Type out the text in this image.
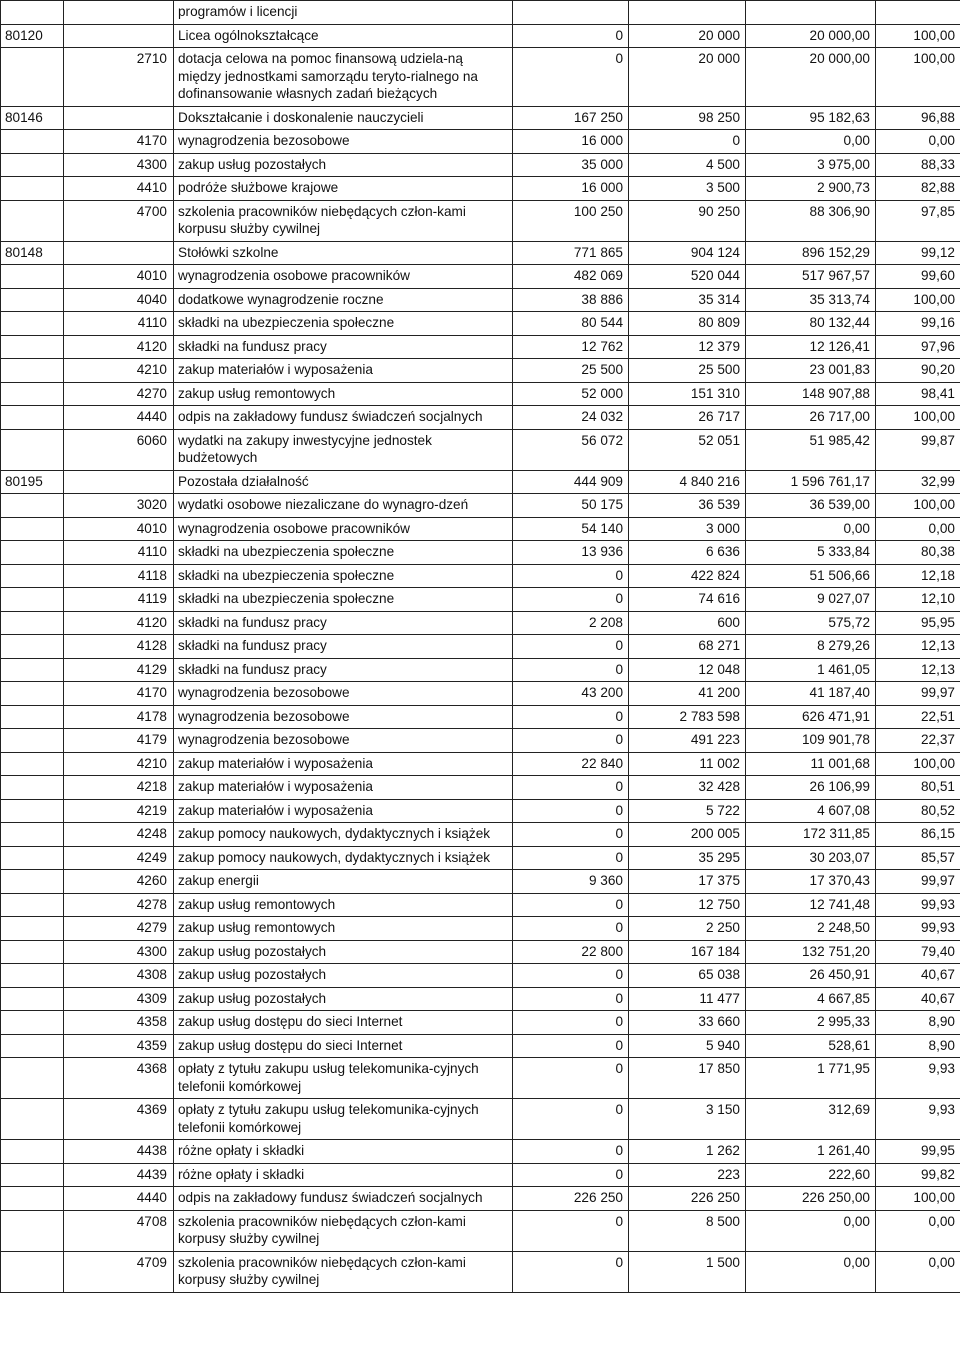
		programów i licencji				
80120		Licea ogólnokształcące	0	20 000	20 000,00	100,00
	2710	dotacja celowa na pomoc finansową udziela-ną między jednostkami samorządu teryto-rialnego na dofinansowanie własnych zadań bieżących	0	20 000	20 000,00	100,00
80146		Dokształcanie i doskonalenie nauczycieli	167 250	98 250	95 182,63	96,88
	4170	wynagrodzenia bezosobowe	16 000	0	0,00	0,00
	4300	zakup usług pozostałych	35 000	4 500	3 975,00	88,33
	4410	podróże służbowe krajowe	16 000	3 500	2 900,73	82,88
	4700	szkolenia pracowników niebędących człon-kami korpusu służby cywilnej	100 250	90 250	88 306,90	97,85
80148		Stołówki szkolne	771 865	904 124	896 152,29	99,12
	4010	wynagrodzenia osobowe pracowników	482 069	520 044	517 967,57	99,60
	4040	dodatkowe wynagrodzenie roczne	38 886	35 314	35 313,74	100,00
	4110	składki na ubezpieczenia społeczne	80 544	80 809	80 132,44	99,16
	4120	składki na fundusz pracy	12 762	12 379	12 126,41	97,96
	4210	zakup materiałów i wyposażenia	25 500	25 500	23 001,83	90,20
	4270	zakup usług remontowych	52 000	151 310	148 907,88	98,41
	4440	odpis na zakładowy fundusz świadczeń socjalnych	24 032	26 717	26 717,00	100,00
	6060	wydatki na zakupy inwestycyjne jednostek budżetowych	56 072	52 051	51 985,42	99,87
80195		Pozostała działalność	444 909	4 840 216	1 596 761,17	32,99
	3020	wydatki osobowe niezaliczane do wynagro-dzeń	50 175	36 539	36 539,00	100,00
	4010	wynagrodzenia osobowe pracowników	54 140	3 000	0,00	0,00
	4110	składki na ubezpieczenia społeczne	13 936	6 636	5 333,84	80,38
	4118	składki na ubezpieczenia społeczne	0	422 824	51 506,66	12,18
	4119	składki na ubezpieczenia społeczne	0	74 616	9 027,07	12,10
	4120	składki na fundusz pracy	2 208	600	575,72	95,95
	4128	składki na fundusz pracy	0	68 271	8 279,26	12,13
	4129	składki na fundusz pracy	0	12 048	1 461,05	12,13
	4170	wynagrodzenia bezosobowe	43 200	41 200	41 187,40	99,97
	4178	wynagrodzenia bezosobowe	0	2 783 598	626 471,91	22,51
	4179	wynagrodzenia bezosobowe	0	491 223	109 901,78	22,37
	4210	zakup materiałów i wyposażenia	22 840	11 002	11 001,68	100,00
	4218	zakup materiałów i wyposażenia	0	32 428	26 106,99	80,51
	4219	zakup materiałów i wyposażenia	0	5 722	4 607,08	80,52
	4248	zakup pomocy naukowych, dydaktycznych i książek	0	200 005	172 311,85	86,15
	4249	zakup pomocy naukowych, dydaktycznych i książek	0	35 295	30 203,07	85,57
	4260	zakup energii	9 360	17 375	17 370,43	99,97
	4278	zakup usług remontowych	0	12 750	12 741,48	99,93
	4279	zakup usług remontowych	0	2 250	2 248,50	99,93
	4300	zakup usług pozostałych	22 800	167 184	132 751,20	79,40
	4308	zakup usług pozostałych	0	65 038	26 450,91	40,67
	4309	zakup usług pozostałych	0	11 477	4 667,85	40,67
	4358	zakup usług dostępu do sieci Internet	0	33 660	2 995,33	8,90
	4359	zakup usług dostępu do sieci Internet	0	5 940	528,61	8,90
	4368	opłaty z tytułu zakupu usług telekomunika-cyjnych telefonii komórkowej	0	17 850	1 771,95	9,93
	4369	opłaty z tytułu zakupu usług telekomunika-cyjnych telefonii komórkowej	0	3 150	312,69	9,93
	4438	różne opłaty i składki	0	1 262	1 261,40	99,95
	4439	różne opłaty i składki	0	223	222,60	99,82
	4440	odpis na zakładowy fundusz świadczeń socjalnych	226 250	226 250	226 250,00	100,00
	4708	szkolenia pracowników niebędących człon-kami korpusy służby cywilnej	0	8 500	0,00	0,00
	4709	szkolenia pracowników niebędących człon-kami korpusy służby cywilnej	0	1 500	0,00	0,00
